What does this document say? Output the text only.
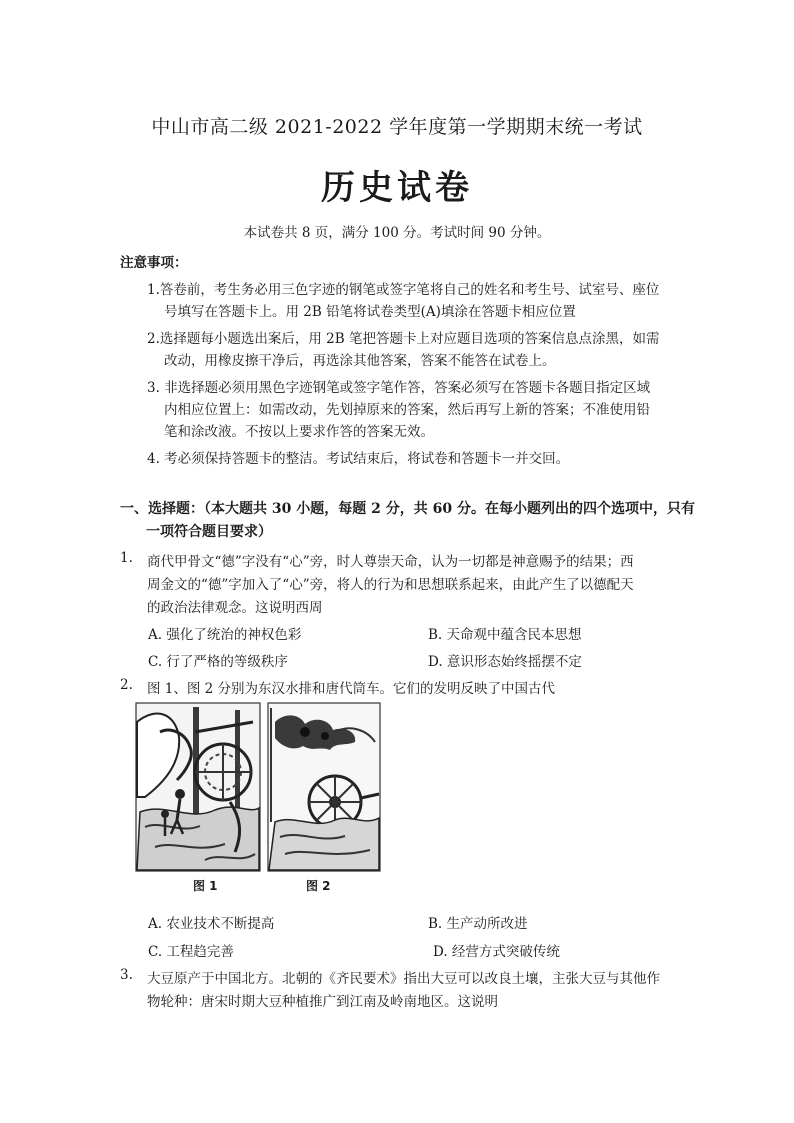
中山市高二级 2021-2022 学年度第一学期期末统一考试
历史试卷
本试卷共 8 页，满分 100 分。考试时间 90 分钟。
注意事项：
1.答卷前，考生务必用三色字迹的钢笔或签字笔将自己的姓名和考生号、试室号、座位
号填写在答题卡上。用 2B 铅笔将试卷类型(A)填涂在答题卡相应位置
2.选择题每小题选出案后，用 2B 笔把答题卡上对应题目选项的答案信息点涂黑，如需
改动，用橡皮擦干净后，再选涂其他答案，答案不能答在试卷上。
3. 非选择题必须用黑色字迹钢笔或签字笔作答，答案必须写在答题卡各题目指定区域
内相应位置上：如需改动，先划掉原来的答案，然后再写上新的答案；不准使用铅
笔和涂改液。不按以上要求作答的答案无效。
4. 考必须保持答题卡的整洁。考试结束后，将试卷和答题卡一并交回。
一、选择题：（本大题共 30 小题，每题 2 分，共 60 分。在每小题列出的四个选项中，只有
一项符合题目要求）
1. 商代甲骨文“德”字没有“心”旁，时人尊崇天命，认为一切都是神意赐予的结果；西
周金文的“德”字加入了“心”旁，将人的行为和思想联系起来，由此产生了以德配天
的政治法律观念。这说明西周
A. 强化了统治的神权色彩	B. 天命观中蕴含民本思想
C. 行了严格的等级秩序	D. 意识形态始终摇摆不定
2. 图 1、图 2 分别为东汉水排和唐代筒车。它们的发明反映了中国古代
图 1	图 2
A. 农业技术不断提高	B. 生产动所改进
C. 工程趋完善	D. 经营方式突破传统
3. 大豆原产于中国北方。北朝的《齐民要术》指出大豆可以改良土壤，主张大豆与其他作
物轮种：唐宋时期大豆种植推广到江南及岭南地区。这说明
